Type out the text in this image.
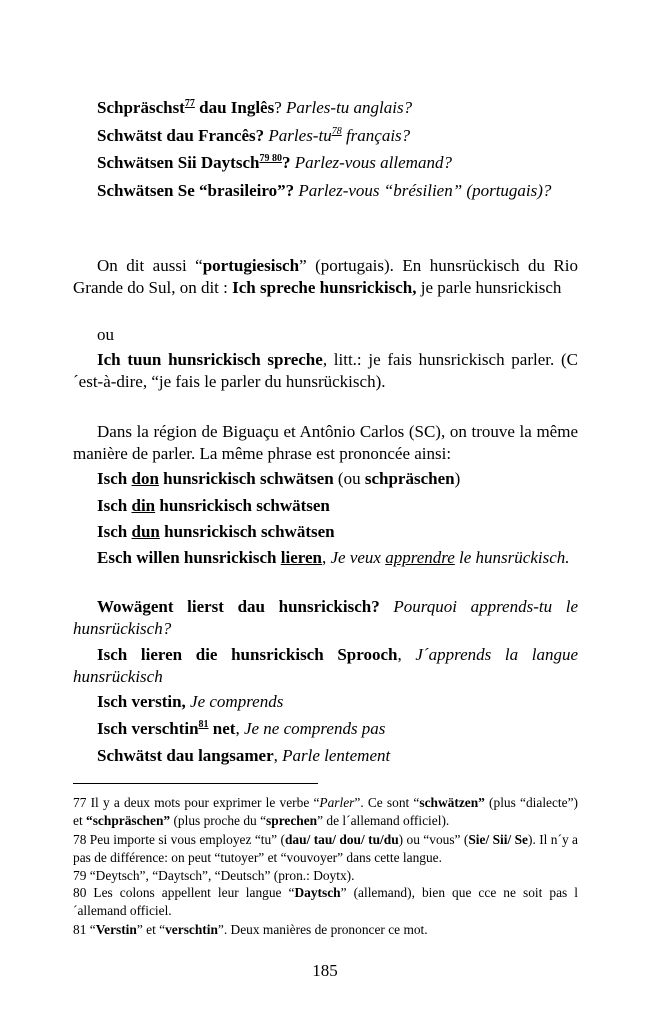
Schpräschst$^{77}$ dau Inglês? Parles-tu anglais?

Schwätst dau Francês? Parles-$tu^{78}$ français?

Schwätsen Sii Daytsch$^{79 80}$? Parlez-vous allemand?

Schwätsen Se “brasileiro”? Parlez-vous “brésilien” (portugais)?

On dit aussi “portugiesisch” (portugais). En hunsrückisch du Rio Grande do Sul, on dit : Ich spreche hunsrickisch, je parle hunsrickisch

ou

Ich tuun hunsrickisch spreche, litt.: je fais hunsrickisch parler. (C´est-à-dire, “je fais le parler du hunsrückisch).

Dans la région de Biguaçu et Antônio Carlos (SC), on trouve la même manière de parler. La même phrase est prononcée ainsi:

Isch don hunsrickisch schwätsen (ou schpräschen)

Isch din hunsrickisch schwätsen

Isch dun hunsrickisch schwätsen

Esch willen hunsrickisch lieren, Je veux apprendre le hunsrückisch.

Wowägent lierst dau hunsrickisch? Pourquoi apprends-tu le hunsrückisch?

Isch lieren die hunsrickisch Sprooch, J´apprends la langue hunsrückisch

Isch verstin, Je comprends

Isch verschtin$^{81}$ net, Je ne comprends pas

Schwätst dau langsamer, Parle lentement

77 Il y a deux mots pour exprimer le verbe “Parler”. Ce sont “schwätzen” (plus “dialecte”) et “schpräschen” (plus proche du “sprechen” de l´allemand officiel).

78 Peu importe si vous employez “tu” (dau/ tau/ dou/ tu/du) ou “vous” (Sie/ Sii/ Se). Il n´y a pas de différence: on peut “tutoyer” et “vouvoyer” dans cette langue.

79 “Deytsch”, “Daytsch”, “Deutsch” (pron.: Doytx).

80 Les colons appellent leur langue “Daytsch” (allemand), bien que cce ne soit pas l´allemand officiel.

81 “Verstin” et “verschtin”. Deux manières de prononcer ce mot.

185
